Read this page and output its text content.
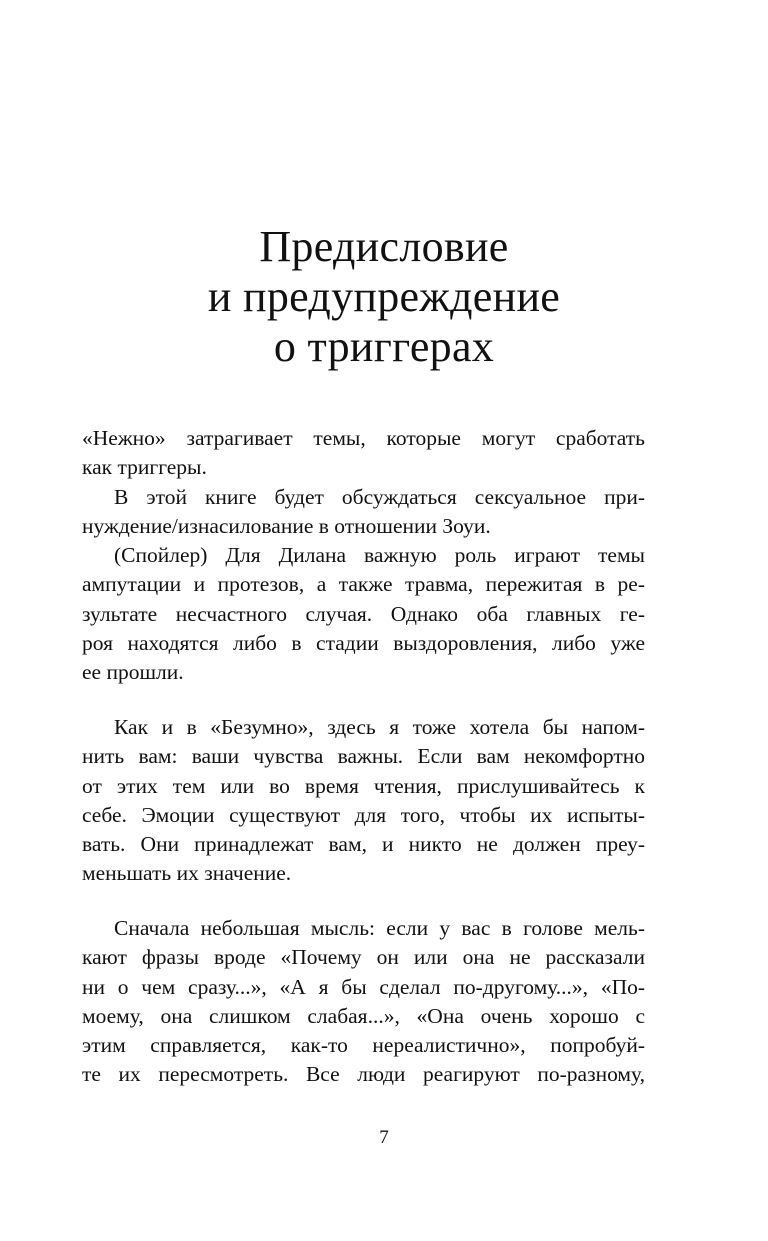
Предисловие
и предупреждение
о триггерах
«Нежно» затрагивает темы, которые могут сработать
как триггеры.
В этой книге будет обсуждаться сексуальное при-
нуждение/изнасилование в отношении Зоуи.
(Спойлер) Для Дилана важную роль играют темы
ампутации и протезов, а также травма, пережитая в ре-
зультате несчастного случая. Однако оба главных ге-
роя находятся либо в стадии выздоровления, либо уже
ее прошли.
Как и в «Безумно», здесь я тоже хотела бы напом-
нить вам: ваши чувства важны. Если вам некомфортно
от этих тем или во время чтения, прислушивайтесь к
себе. Эмоции существуют для того, чтобы их испыты-
вать. Они принадлежат вам, и никто не должен преу-
меньшать их значение.
Сначала небольшая мысль: если у вас в голове мель-
кают фразы вроде «Почему он или она не рассказали
ни о чем сразу...», «А я бы сделал по-другому...», «По-
моему, она слишком слабая...», «Она очень хорошо с
этим справляется, как-то нереалистично», попробуй-
те их пересмотреть. Все люди реагируют по-разному,
7
